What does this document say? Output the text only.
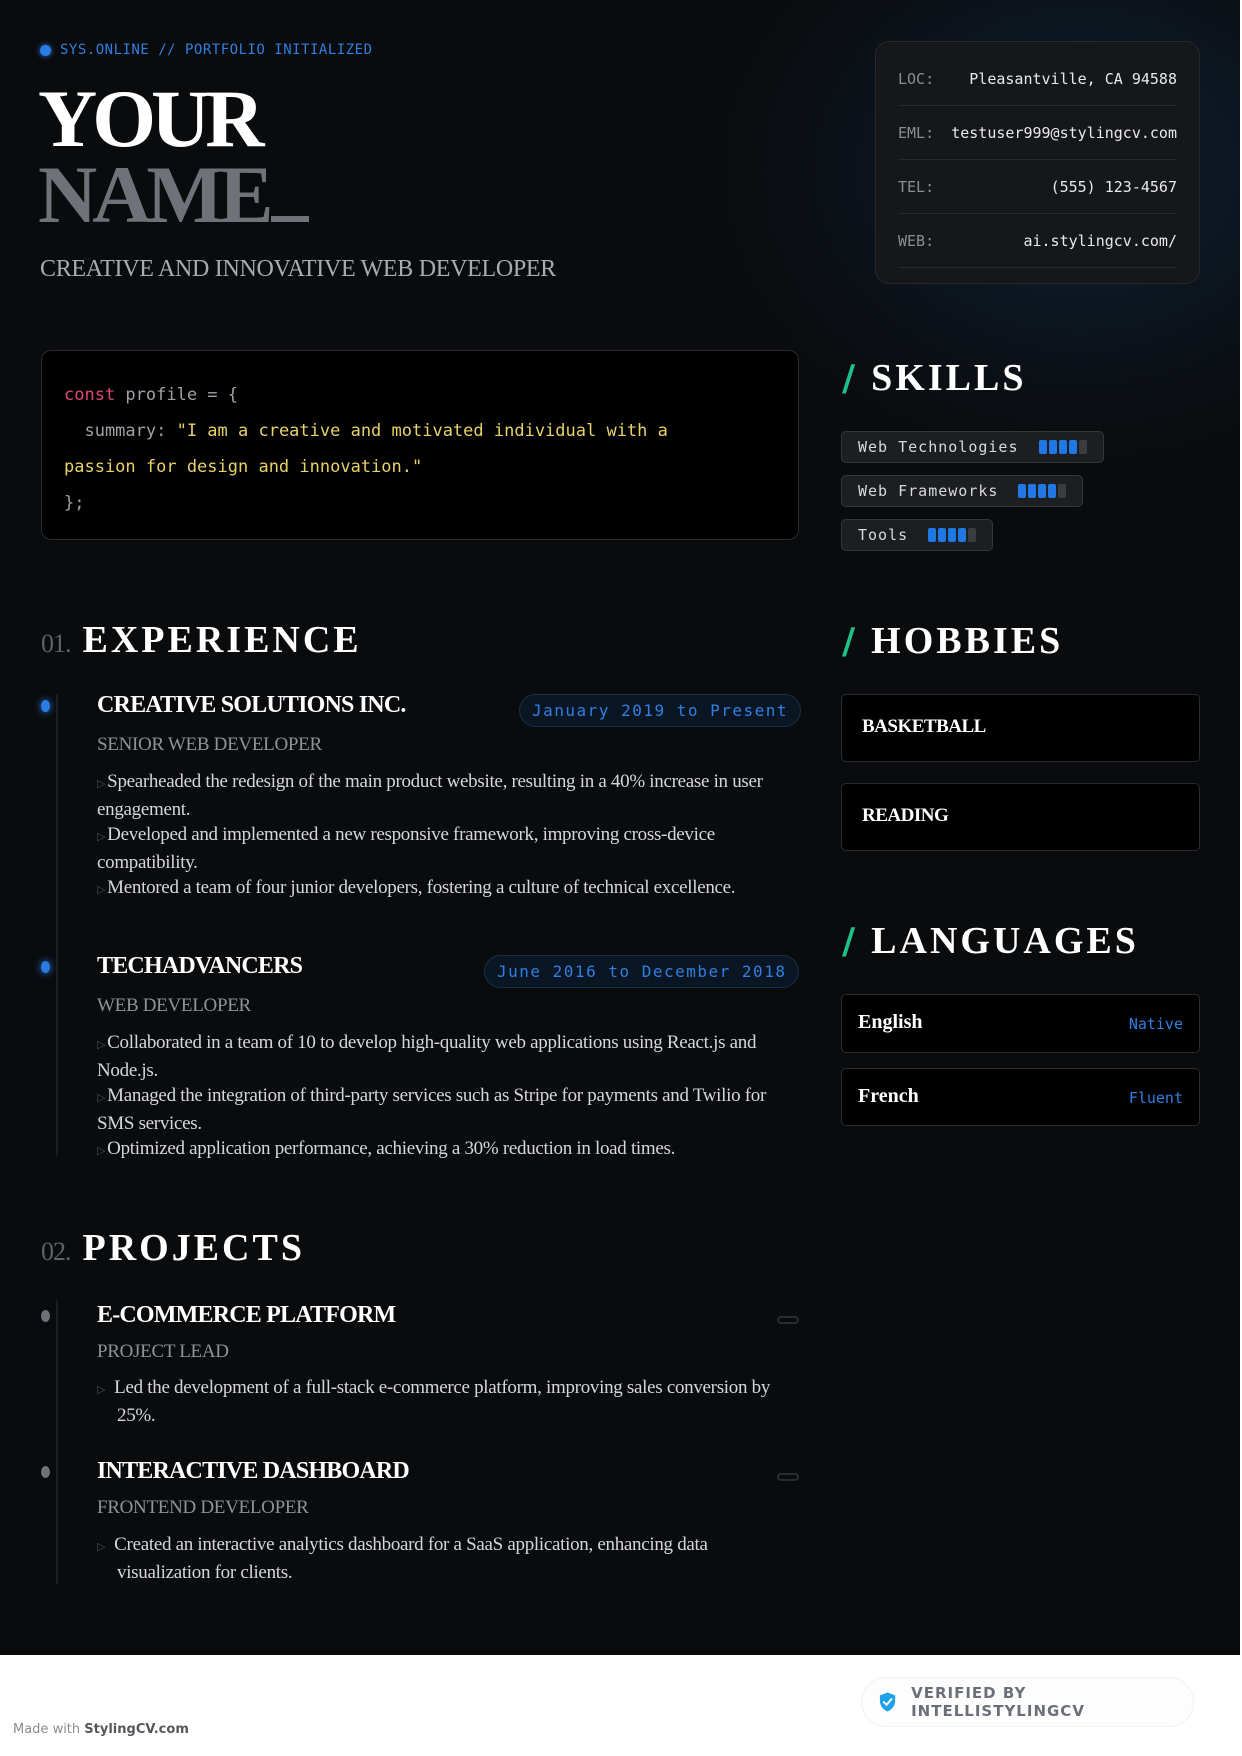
SYS.ONLINE // PORTFOLIO INITIALIZED
YOUR
NAME
CREATIVE AND INNOVATIVE WEB DEVELOPER
LOC: Pleasantville, CA 94588
EML: testuser999@stylingcv.com
TEL:	(555) 123-4567
WEB:	ai.stylingcv.com/
const profile = {
summary: "I am a creative and motivated individual with a
passion for design and innovation."
};
01. EXPERIENCE
CREATIVE SOLUTIONS INC.	January 2019 to Present
SENIOR WEB DEVELOPER
▷ Spearheaded the redesign of the main product website, resulting in a 40% increase in user engagement.
▷ Developed and implemented a new responsive framework, improving cross-device compatibility.
▷ Mentored a team of four junior developers, fostering a culture of technical excellence.
TECHADVANCERS	June 2016 to December 2018
WEB DEVELOPER
▷ Collaborated in a team of 10 to develop high-quality web applications using React.js and Node.js.
▷ Managed the integration of third-party services such as Stripe for payments and Twilio for SMS services.
▷ Optimized application performance, achieving a 30% reduction in load times.
02. PROJECTS
E-COMMERCE PLATFORM
PROJECT LEAD
▷ Led the development of a full-stack e-commerce platform, improving sales conversion by 25%.
INTERACTIVE DASHBOARD
FRONTEND DEVELOPER
▷ Created an interactive analytics dashboard for a SaaS application, enhancing data visualization for clients.
/ SKILLS
Web Technologies
Web Frameworks
Tools
/ HOBBIES
BASKETBALL
READING
/ LANGUAGES
English	Native
French	Fluent
VERIFIED BY INTELLISTYLINGCV
Made with StylingCV.com
